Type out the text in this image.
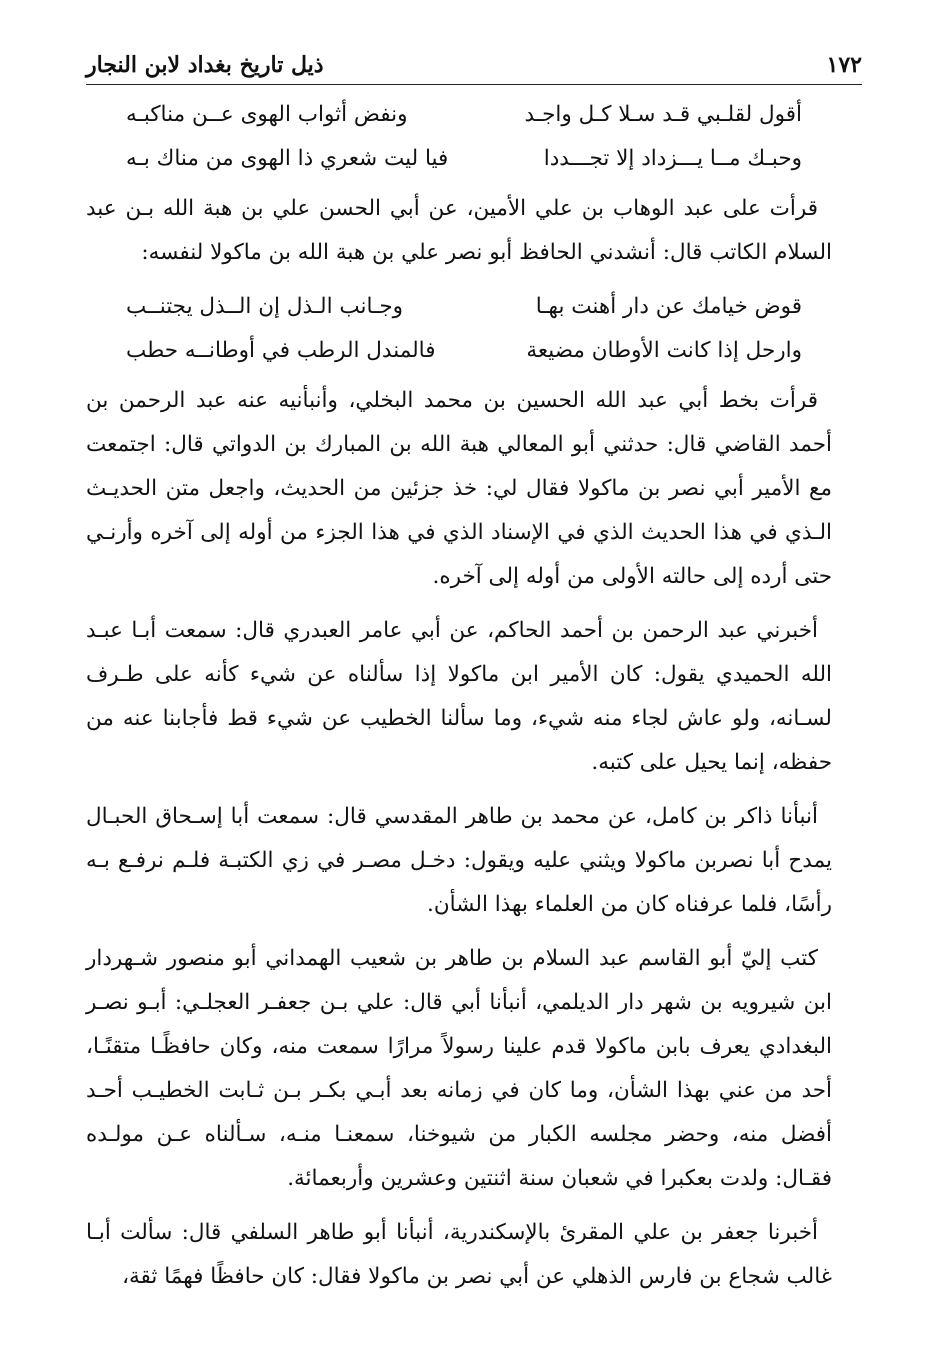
١٧٢
ذيل تاريخ بغداد لابن النجار
أقول لقلـبي قـد سـلا كـل واجـد
ونفض أثواب الهوى عــن مناكبـه
وحبـك مــا يـــزداد إلا تجـــددا
فيا ليت شعري ذا الهوى من مناك بـه

قرأت على عبد الوهاب بن علي الأمين، عن أبي الحسن علي بن هبة الله بـن عبد السلام الكاتب قال: أنشدني الحافظ أبو نصر علي بن هبة الله بن ماكولا لنفسه:

قوض خيامك عن دار أهنت بهـا
وجـانب الـذل إن الــذل يجتنــب
وارحل إذا كانت الأوطان مضيعة
فالمندل الرطب في أوطانــه حطب

قرأت بخط أبي عبد الله الحسين بن محمد البخلي، وأنبأنيه عنه عبد الرحمن بن أحمد القاضي قال: حدثني أبو المعالي هبة الله بن المبارك بن الدواتي قال: اجتمعت مع الأمير أبي نصر بن ماكولا فقال لي: خذ جزئين من الحديث، واجعل متن الحديـث الـذي في هذا الحديث الذي في الإسناد الذي في هذا الجزء من أوله إلى آخره وأرنـي حتى أرده إلى حالته الأولى من أوله إلى آخره.

أخبرني عبد الرحمن بن أحمد الحاكم، عن أبي عامر العبدري قال: سمعت أبـا عبـد الله الحميدي يقول: كان الأمير ابن ماكولا إذا سألناه عن شيء كأنه على طـرف لسـانه، ولو عاش لجاء منه شيء، وما سألنا الخطيب عن شيء قط فأجابنا عنه من حفظه، إنما يحيل على كتبه.

أنبأنا ذاكر بن كامل، عن محمد بن طاهر المقدسي قال: سمعت أبا إسـحاق الحبـال يمدح أبا نصربن ماكولا ويثني عليه ويقول: دخـل مصـر في زي الكتبـة فلـم نرفـع بـه رأسًا، فلما عرفناه كان من العلماء بهذا الشأن.

كتب إليّ أبو القاسم عبد السلام بن طاهر بن شعيب الهمداني أبو منصور شـهردار ابن شيرويه بن شهر دار الديلمي، أنبأنا أبي قال: علي بـن جعفـر العجلـي: أبـو نصـر البغدادي يعرف بابن ماكولا قدم علينا رسولاً مرارًا سمعت منه، وكان حافظًـا متقنًـا، أحد من عني بهذا الشأن، وما كان في زمانه بعد أبـي بكـر بـن ثـابت الخطيـب أحـد أفضل منه، وحضر مجلسه الكبار من شيوخنا، سمعنـا منـه، سـألناه عـن مولـده فقـال: ولدت بعكبرا في شعبان سنة اثنتين وعشرين وأربعمائة.

أخبرنا جعفر بن علي المقرئ بالإسكندرية، أنبأنا أبو طاهر السلفي قال: سألت أبـا غالب شجاع بن فارس الذهلي عن أبي نصر بن ماكولا فقال: كان حافظًا فهمًا ثقة،
